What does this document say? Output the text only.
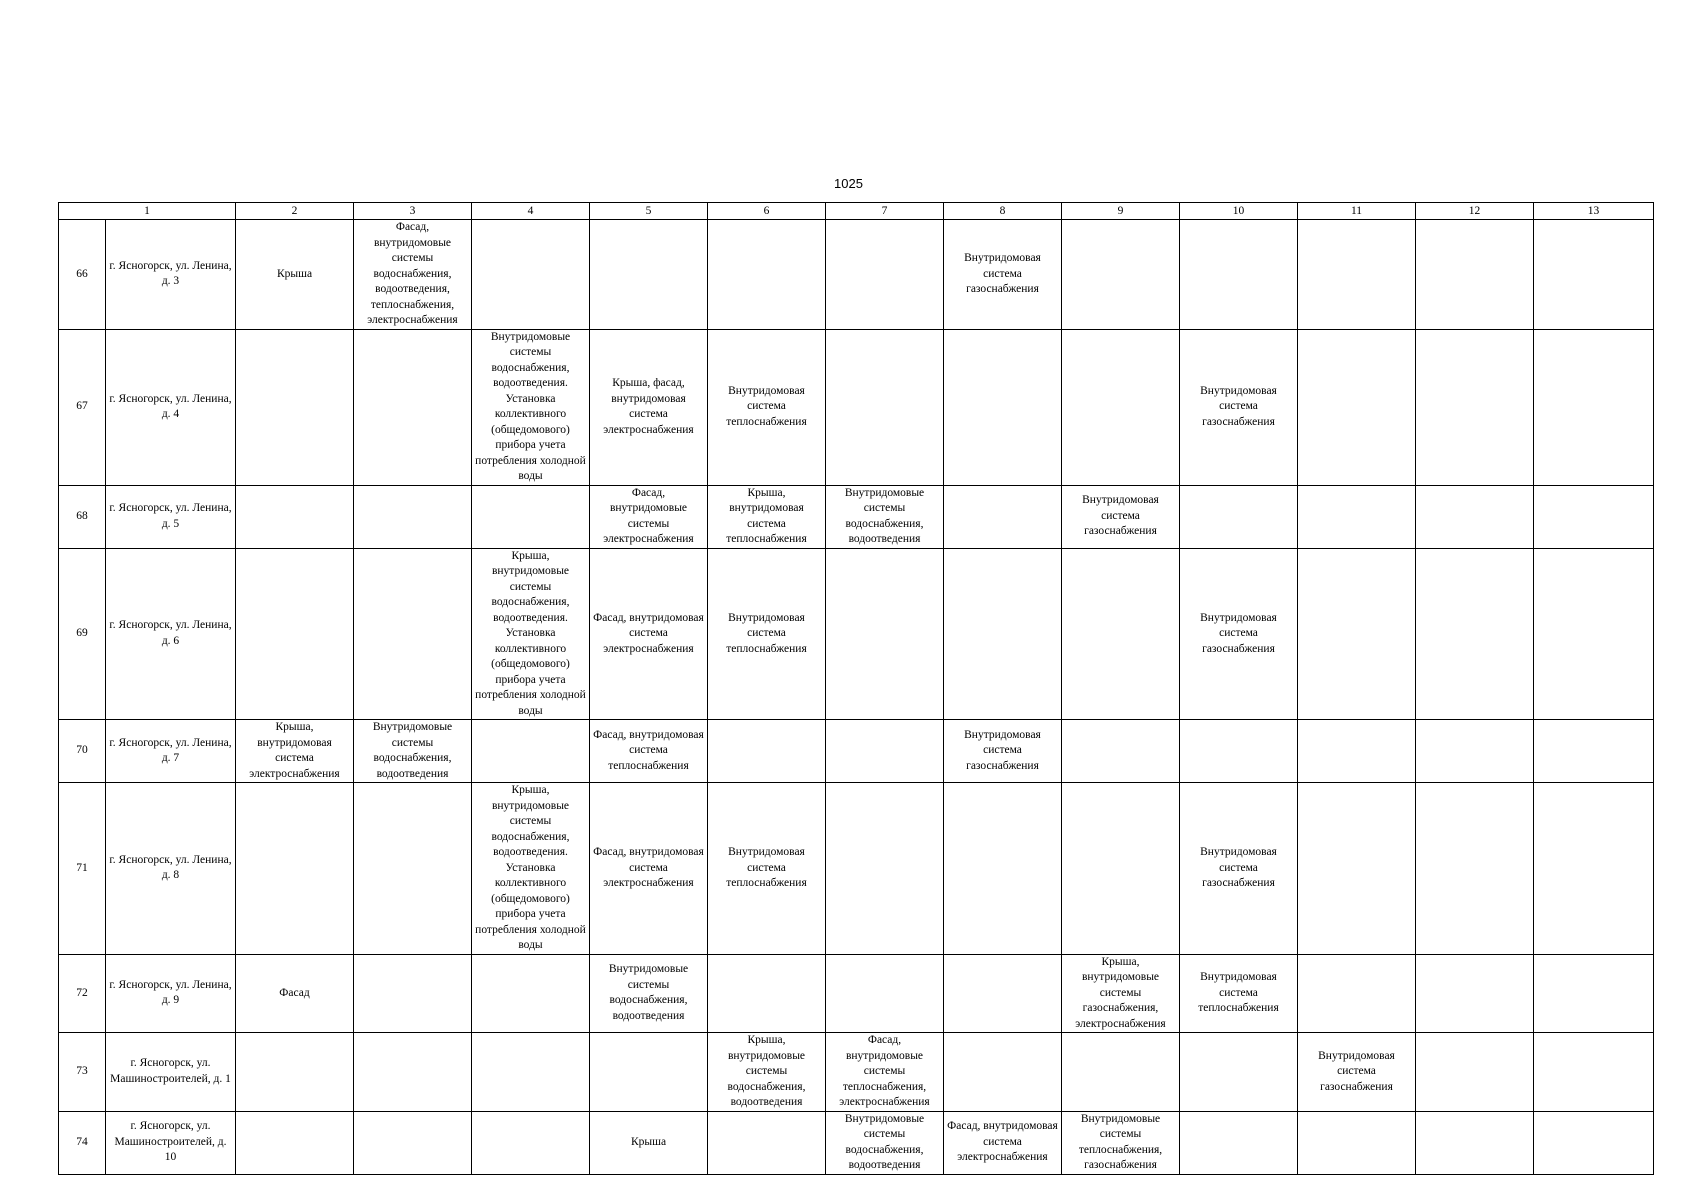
1025
1		2	3	4	5	6	7	8	9	10	11	12	13
66	г. Ясногорск, ул. Ленина, д. 3	Крыша	Фасад, внутридомовые системы водоснабжения, водоотведения, теплоснабжения, электроснабжения					Внутридомовая система газоснабжения					
67	г. Ясногорск, ул. Ленина, д. 4			Внутридомовые системы водоснабжения, водоотведения. Установка коллективного (общедомового) прибора учета потребления холодной воды	Крыша, фасад, внутридомовая система электроснабжения	Внутридомовая система теплоснабжения				Внутридомовая система газоснабжения			
68	г. Ясногорск, ул. Ленина, д. 5				Фасад, внутридомовые системы электроснабжения	Крыша, внутридомовая система теплоснабжения	Внутридомовые системы водоснабжения, водоотведения		Внутридомовая система газоснабжения				
69	г. Ясногорск, ул. Ленина, д. 6			Крыша, внутридомовые системы водоснабжения, водоотведения. Установка коллективного (общедомового) прибора учета потребления холодной воды	Фасад, внутридомовая система электроснабжения	Внутридомовая система теплоснабжения				Внутридомовая система газоснабжения			
70	г. Ясногорск, ул. Ленина, д. 7	Крыша, внутридомовая система электроснабжения	Внутридомовые системы водоснабжения, водоотведения		Фасад, внутридомовая система теплоснабжения			Внутридомовая система газоснабжения					
71	г. Ясногорск, ул. Ленина, д. 8			Крыша, внутридомовые системы водоснабжения, водоотведения. Установка коллективного (общедомового) прибора учета потребления холодной воды	Фасад, внутридомовая система электроснабжения	Внутридомовая система теплоснабжения				Внутридомовая система газоснабжения			
72	г. Ясногорск, ул. Ленина, д. 9	Фасад			Внутридомовые системы водоснабжения, водоотведения				Крыша, внутридомовые системы газоснабжения, электроснабжения	Внутридомовая система теплоснабжения			
73	г. Ясногорск, ул. Машиностроителей, д. 1					Крыша, внутридомовые системы водоснабжения, водоотведения	Фасад, внутридомовые системы теплоснабжения, электроснабжения				Внутридомовая система газоснабжения		
74	г. Ясногорск, ул. Машиностроителей, д. 10				Крыша		Внутридомовые системы водоснабжения, водоотведения	Фасад, внутридомовая система электроснабжения	Внутридомовые системы теплоснабжения, газоснабжения				
